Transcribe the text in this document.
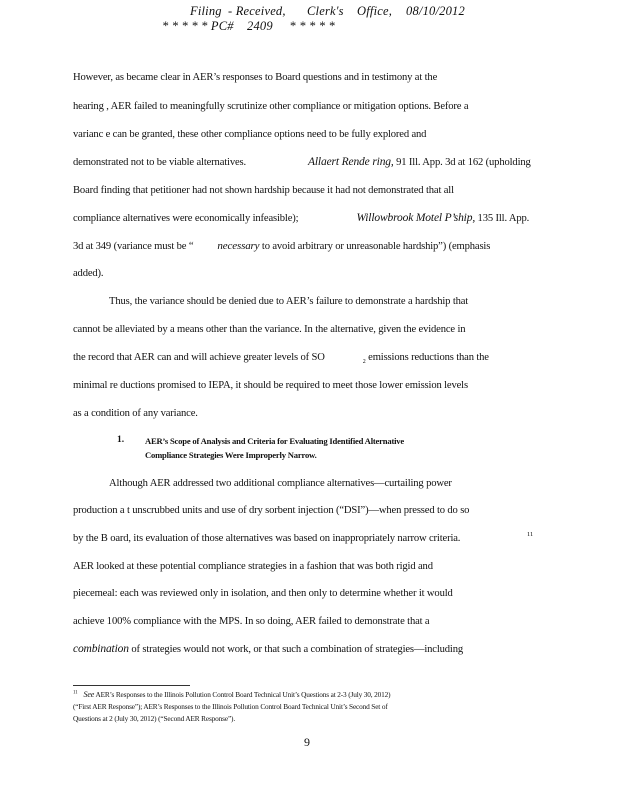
Filing - Received, Clerk's Office, 08/10/2012
* * * * * PC#    2409     * * * * *
However, as became clear in AER’s responses to Board questions and in testimony at the
hearing , AER failed to meaningfully scrutinize other compliance or mitigation options. Before a
varianc e can be granted, these other compliance options need to be fully explored and
demonstrated not to be viable alternatives.	Allaert Rende ring, 91 Ill. App. 3d at 162 (upholding
Board finding that petitioner had not shown hardship because it had not demonstrated that all
compliance alternatives were economically infeasible);	Willowbrook Motel P’ship, 135 Ill. App.
3d at 349 (variance must be “ necessary to avoid arbitrary or unreasonable hardship”) (emphasis
added).
Thus, the variance should be denied due to AER’s failure to demonstrate a hardship that
cannot be alleviated by a means other than the variance. In the alternative, given the evidence in
the record that AER can and will achieve greater levels of SO	$_2$ emissions reductions than the
minimal re ductions promised to IEPA, it should be required to meet those lower emission levels
as a condition of any variance.
1. AER’s Scope of Analysis and Criteria for Evaluating Identified Alternative
Compliance Strategies Were Improperly Narrow.
Although AER addressed two additional compliance alternatives—curtailing power
production a t unscrubbed units and use of dry sorbent injection (“DSI”)—when pressed to do so
by the B oard, its evaluation of those alternatives was based on inappropriately narrow criteria.	11
AER looked at these potential compliance strategies in a fashion that was both rigid and
piecemeal: each was reviewed only in isolation, and then only to determine whether it would
achieve 100% compliance with the MPS. In so doing, AER failed to demonstrate that a
combination of strategies would not work, or that such a combination of strategies—including
$^{11}$ See AER’s Responses to the Illinois Pollution Control Board Technical Unit’s Questions at 2-3 (July 30, 2012)
(“First AER Response”); AER’s Responses to the Illinois Pollution Control Board Technical Unit’s Second Set of
Questions at 2 (July 30, 2012) (“Second AER Response”).
9
